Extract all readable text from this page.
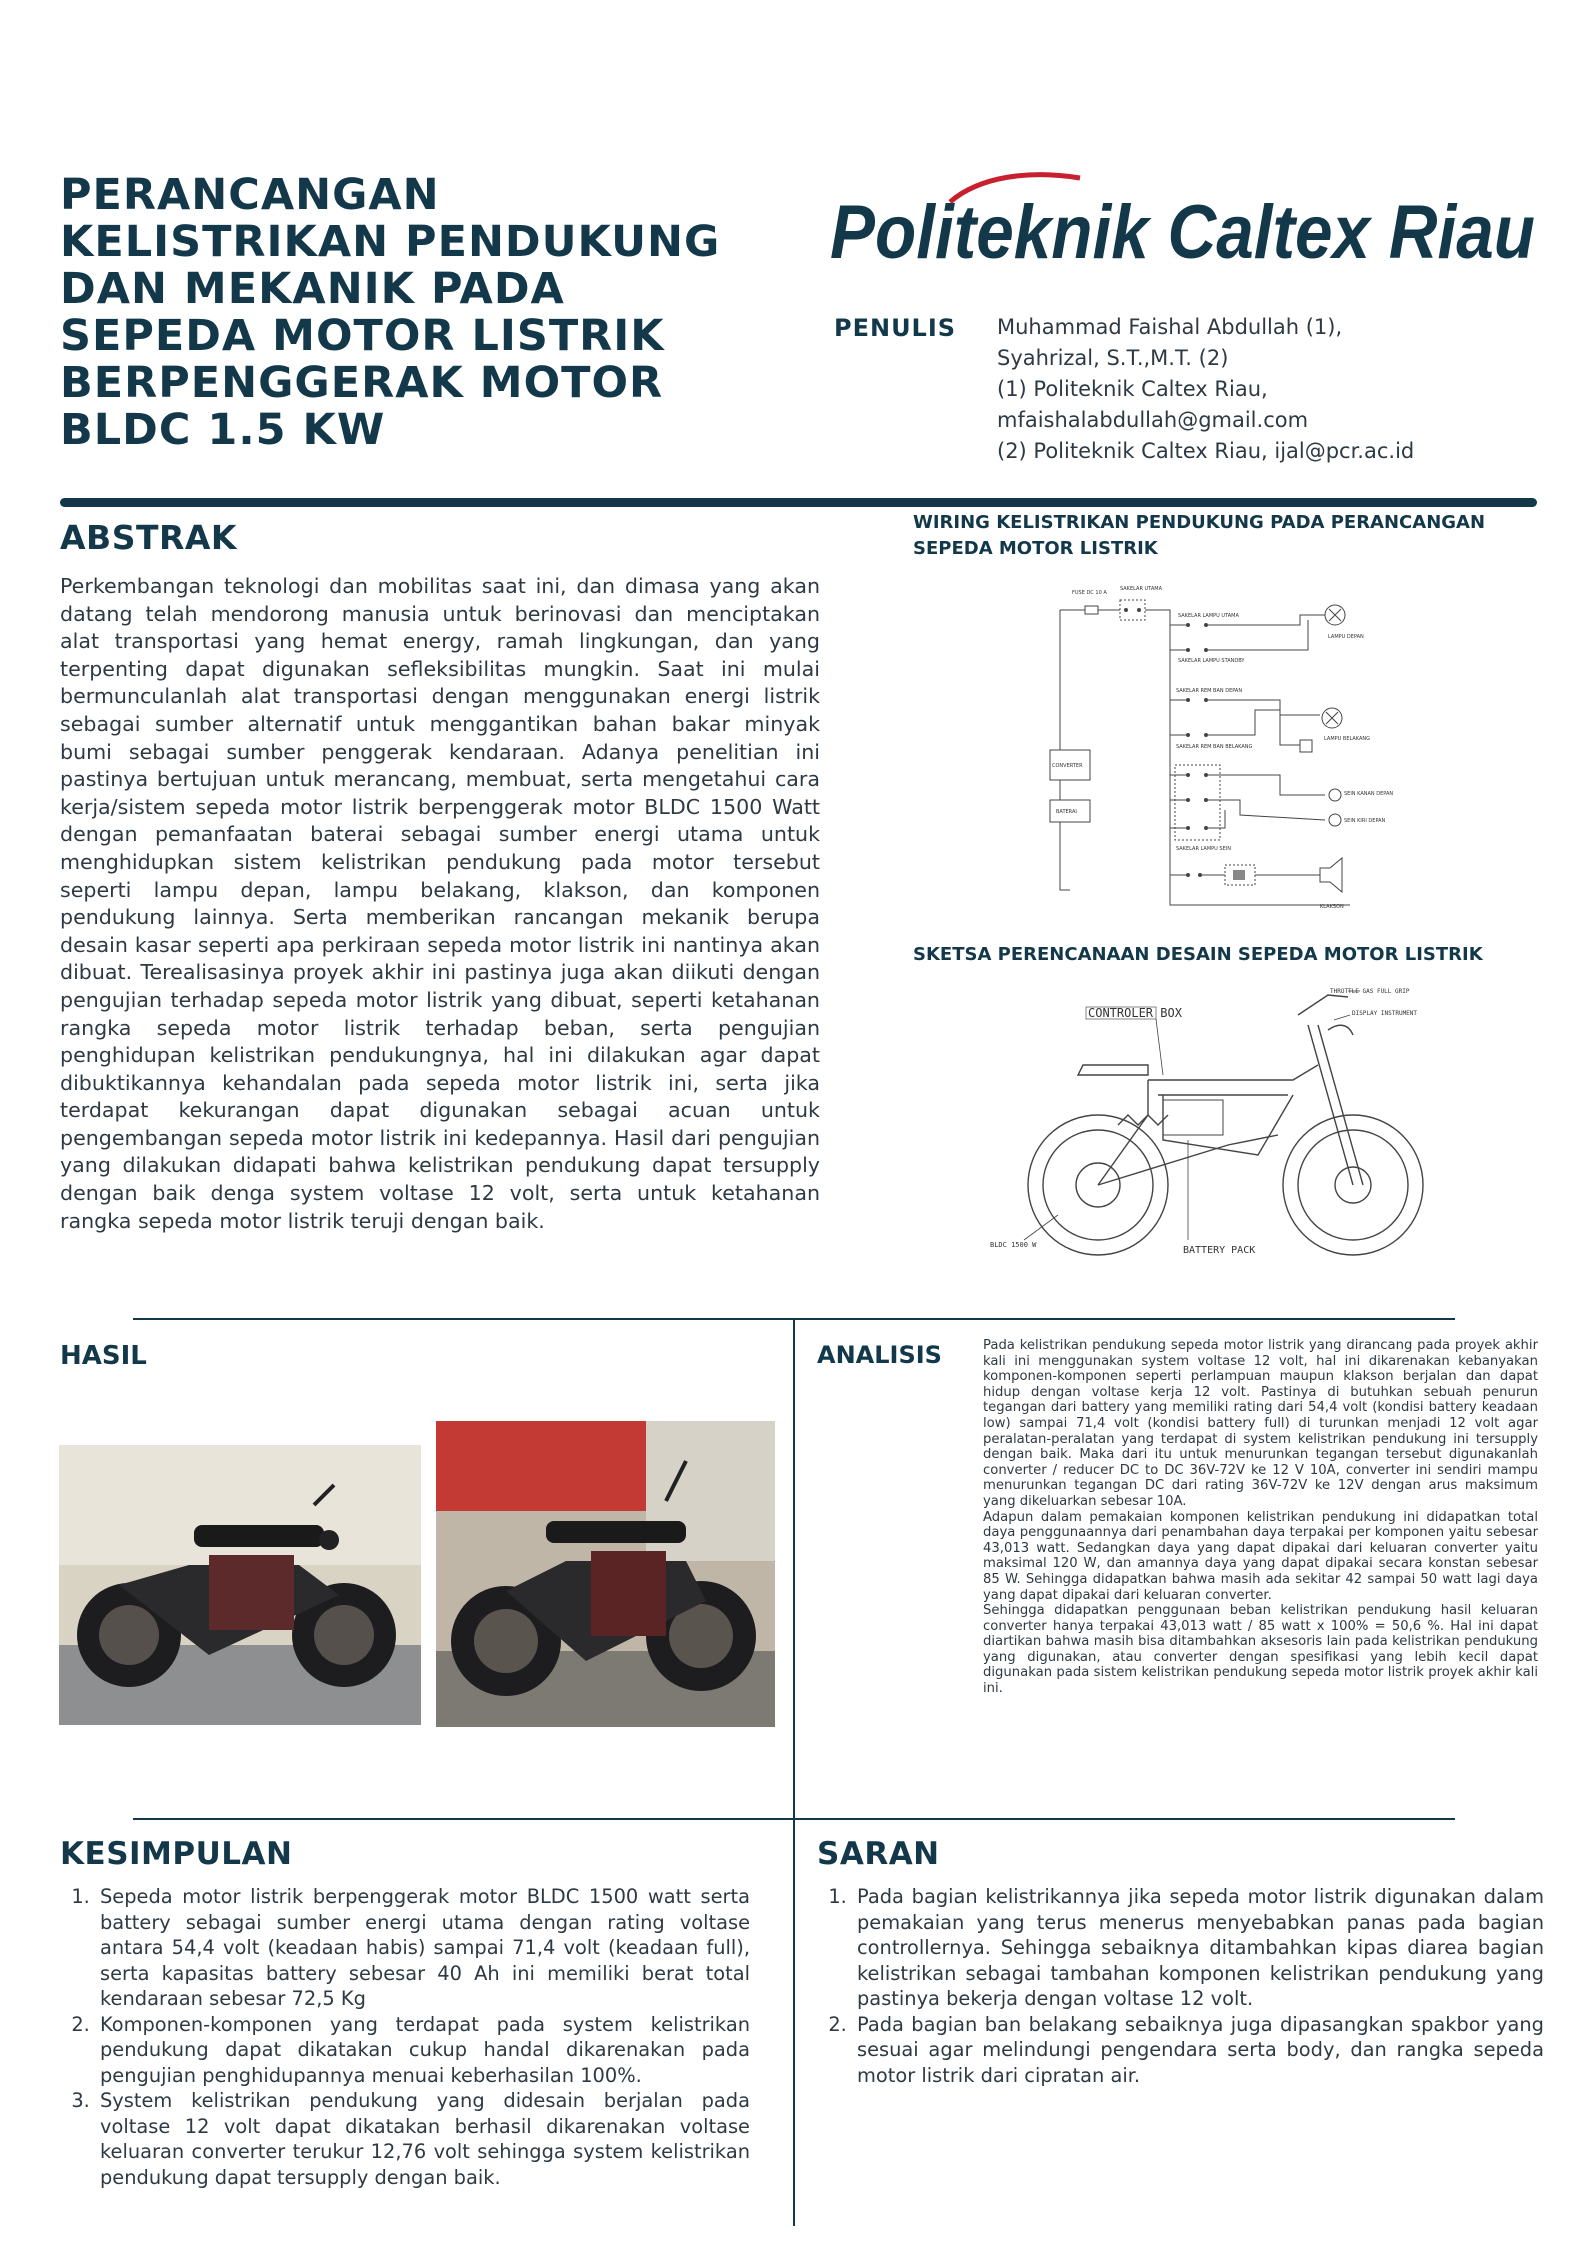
PERANCANGAN
KELISTRIKAN PENDUKUNG
DAN MEKANIK PADA
SEPEDA MOTOR LISTRIK
BERPENGGERAK MOTOR
BLDC 1.5 KW
Politeknik Caltex Riau
PENULIS Muhammad Faishal Abdullah (1),
Syahrizal, S.T.,M.T. (2)
(1) Politeknik Caltex Riau,
mfaishalabdullah@gmail.com
(2) Politeknik Caltex Riau, ijal@pcr.ac.id
ABSTRAK
Perkembangan teknologi dan mobilitas saat ini, dan dimasa yang akan datang telah mendorong manusia untuk berinovasi dan menciptakan alat transportasi yang hemat energy, ramah lingkungan, dan yang terpenting dapat digunakan sefleksibilitas mungkin. Saat ini mulai bermunculanlah alat transportasi dengan menggunakan energi listrik sebagai sumber alternatif untuk menggantikan bahan bakar minyak bumi sebagai sumber penggerak kendaraan. Adanya penelitian ini pastinya bertujuan untuk merancang, membuat, serta mengetahui cara kerja/sistem sepeda motor listrik berpenggerak motor BLDC 1500 Watt dengan pemanfaatan baterai sebagai sumber energi utama untuk menghidupkan sistem kelistrikan pendukung pada motor tersebut seperti lampu depan, lampu belakang, klakson, dan komponen pendukung lainnya. Serta memberikan rancangan mekanik berupa desain kasar seperti apa perkiraan sepeda motor listrik ini nantinya akan dibuat. Terealisasinya proyek akhir ini pastinya juga akan diikuti dengan pengujian terhadap sepeda motor listrik yang dibuat, seperti ketahanan rangka sepeda motor listrik terhadap beban, serta pengujian penghidupan kelistrikan pendukungnya, hal ini dilakukan agar dapat dibuktikannya kehandalan pada sepeda motor listrik ini, serta jika terdapat kekurangan dapat digunakan sebagai acuan untuk pengembangan sepeda motor listrik ini kedepannya. Hasil dari pengujian yang dilakukan didapati bahwa kelistrikan pendukung dapat tersupply dengan baik denga system voltase 12 volt, serta untuk ketahanan rangka sepeda motor listrik teruji dengan baik.
WIRING KELISTRIKAN PENDUKUNG PADA PERANCANGAN
SEPEDA MOTOR LISTRIK
FUSE DC 10 A
SAKELAR UTAMA
SAKELAR LAMPU UTAMA
SAKELAR LAMPU STANDBY
LAMPU DEPAN
SAKELAR REM BAN DEPAN
SAKELAR REM BAN BELAKANG
LAMPU BELAKANG
CONVERTER
BATERAI
SEIN KANAN DEPAN
SEIN KIRI DEPAN
SAKELAR LAMPU SEIN
KLAKSON
SKETSA PERENCANAAN DESAIN SEPEDA MOTOR LISTRIK
CONTROLER BOX
THROTTLE GAS FULL GRIP
DISPLAY INSTRUMENT
BLDC 1500 W	BATTERY PACK
HASIL	ANALISIS	Pada kelistrikan pendukung sepeda motor listrik yang dirancang pada proyek akhir kali ini menggunakan system voltase 12 volt, hal ini dikarenakan kebanyakan komponen-komponen seperti perlampuan maupun klakson berjalan dan dapat hidup dengan voltase kerja 12 volt. Pastinya di butuhkan sebuah penurun tegangan dari battery yang memiliki rating dari 54,4 volt (kondisi battery keadaan low) sampai 71,4 volt (kondisi battery full) di turunkan menjadi 12 volt agar peralatan-peralatan yang terdapat di system kelistrikan pendukung ini tersupply dengan baik. Maka dari itu untuk menurunkan tegangan tersebut digunakanlah converter / reducer DC to DC 36V-72V ke 12 V 10A, converter ini sendiri mampu menurunkan tegangan DC dari rating 36V-72V ke 12V dengan arus maksimum yang dikeluarkan sebesar 10A.

Adapun dalam pemakaian komponen kelistrikan pendukung ini didapatkan total daya penggunaannya dari penambahan daya terpakai per komponen yaitu sebesar 43,013 watt. Sedangkan daya yang dapat dipakai dari keluaran converter yaitu maksimal 120 W, dan amannya daya yang dapat dipakai secara konstan sebesar 85 W. Sehingga didapatkan bahwa masih ada sekitar 42 sampai 50 watt lagi daya yang dapat dipakai dari keluaran converter.

Sehingga didapatkan penggunaan beban kelistrikan pendukung hasil keluaran converter hanya terpakai 43,013 watt / 85 watt x 100% = 50,6 %. Hal ini dapat diartikan bahwa masih bisa ditambahkan aksesoris lain pada kelistrikan pendukung yang digunakan, atau converter dengan spesifikasi yang lebih kecil dapat digunakan pada sistem kelistrikan pendukung sepeda motor listrik proyek akhir kali ini.

KESIMPULAN
1. Sepeda motor listrik berpenggerak motor BLDC 1500 watt serta battery sebagai sumber energi utama dengan rating voltase antara 54,4 volt (keadaan habis) sampai 71,4 volt (keadaan full), serta kapasitas battery sebesar 40 Ah ini memiliki berat total kendaraan sebesar 72,5 Kg
2. Komponen-komponen yang terdapat pada system kelistrikan pendukung dapat dikatakan cukup handal dikarenakan pada pengujian penghidupannya menuai keberhasilan 100%.
3. System kelistrikan pendukung yang didesain berjalan pada voltase 12 volt dapat dikatakan berhasil dikarenakan voltase keluaran converter terukur 12,76 volt sehingga system kelistrikan pendukung dapat tersupply dengan baik.
SARAN
1. Pada bagian kelistrikannya jika sepeda motor listrik digunakan dalam pemakaian yang terus menerus menyebabkan panas pada bagian controllernya. Sehingga sebaiknya ditambahkan kipas diarea bagian kelistrikan sebagai tambahan komponen kelistrikan pendukung yang pastinya bekerja dengan voltase 12 volt.
2. Pada bagian ban belakang sebaiknya juga dipasangkan spakbor yang sesuai agar melindungi pengendara serta body, dan rangka sepeda motor listrik dari cipratan air.
